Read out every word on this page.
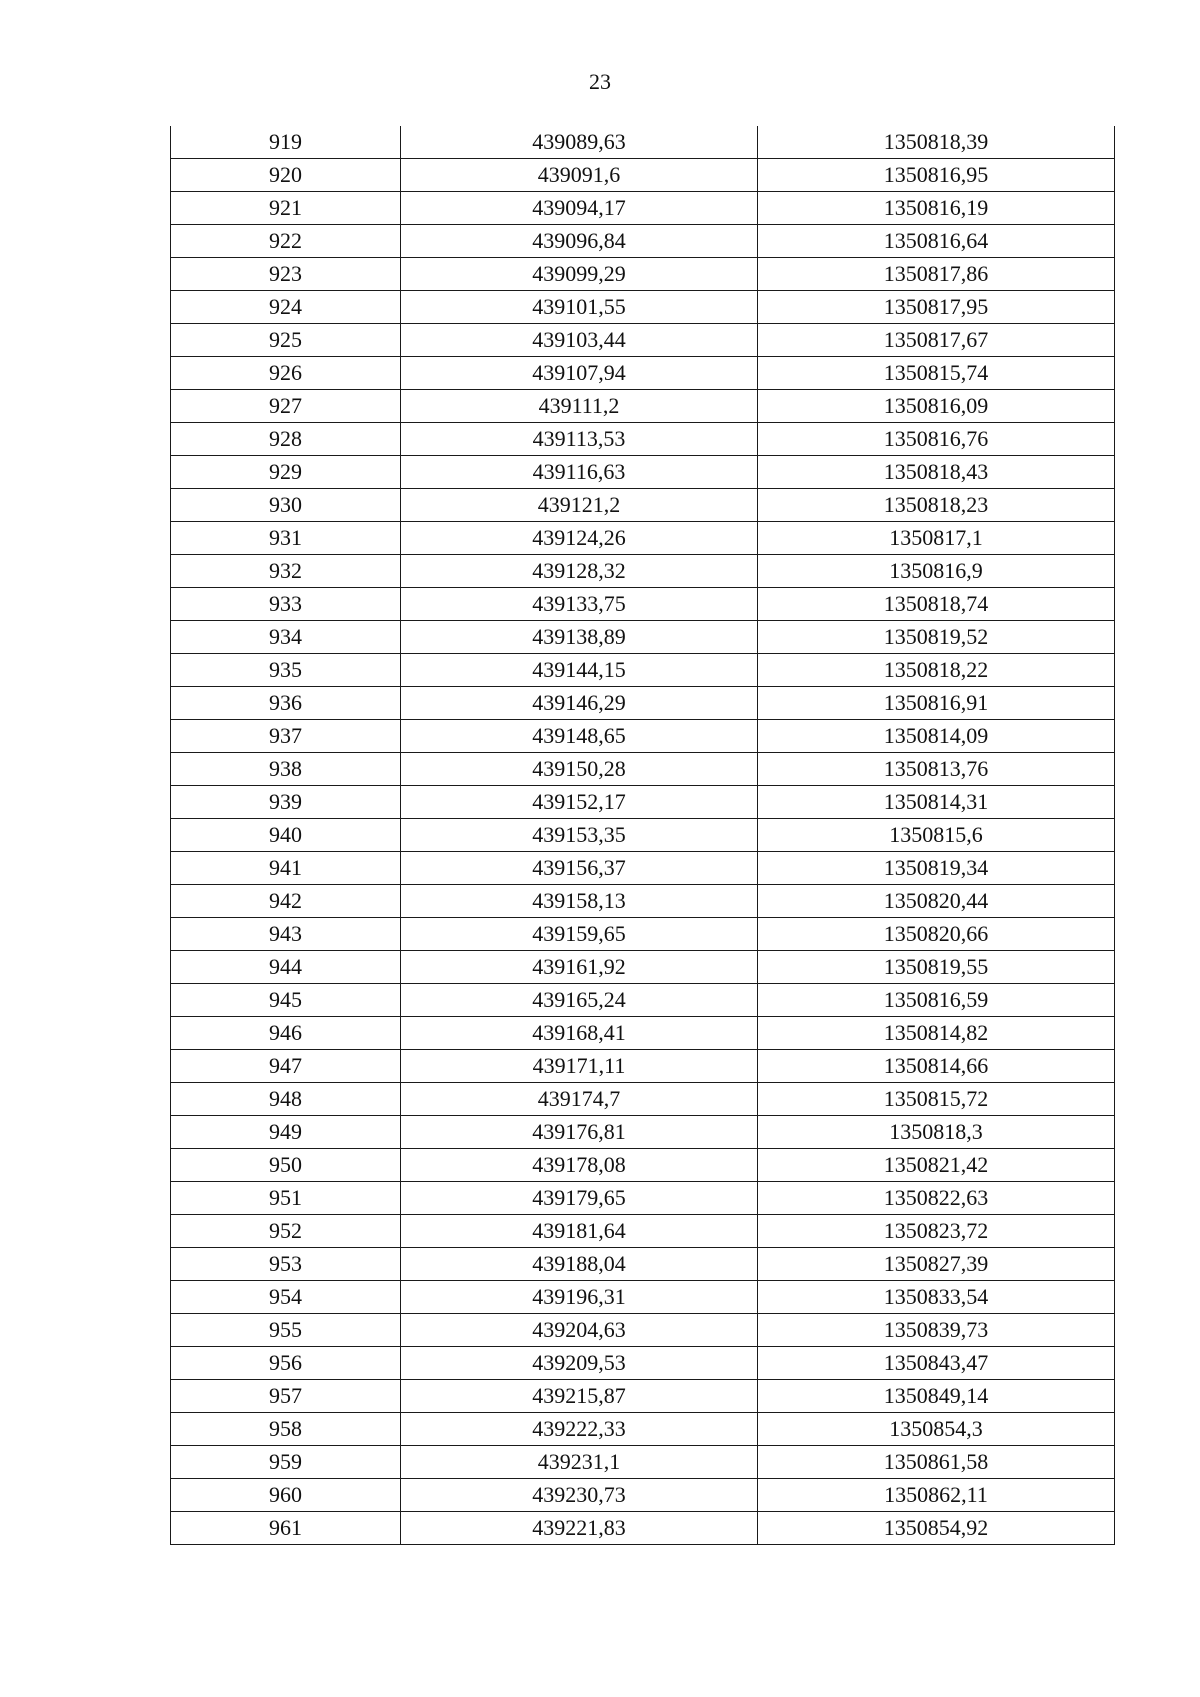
23
919	439089,63	1350818,39
920	439091,6	1350816,95
921	439094,17	1350816,19
922	439096,84	1350816,64
923	439099,29	1350817,86
924	439101,55	1350817,95
925	439103,44	1350817,67
926	439107,94	1350815,74
927	439111,2	1350816,09
928	439113,53	1350816,76
929	439116,63	1350818,43
930	439121,2	1350818,23
931	439124,26	1350817,1
932	439128,32	1350816,9
933	439133,75	1350818,74
934	439138,89	1350819,52
935	439144,15	1350818,22
936	439146,29	1350816,91
937	439148,65	1350814,09
938	439150,28	1350813,76
939	439152,17	1350814,31
940	439153,35	1350815,6
941	439156,37	1350819,34
942	439158,13	1350820,44
943	439159,65	1350820,66
944	439161,92	1350819,55
945	439165,24	1350816,59
946	439168,41	1350814,82
947	439171,11	1350814,66
948	439174,7	1350815,72
949	439176,81	1350818,3
950	439178,08	1350821,42
951	439179,65	1350822,63
952	439181,64	1350823,72
953	439188,04	1350827,39
954	439196,31	1350833,54
955	439204,63	1350839,73
956	439209,53	1350843,47
957	439215,87	1350849,14
958	439222,33	1350854,3
959	439231,1	1350861,58
960	439230,73	1350862,11
961	439221,83	1350854,92
